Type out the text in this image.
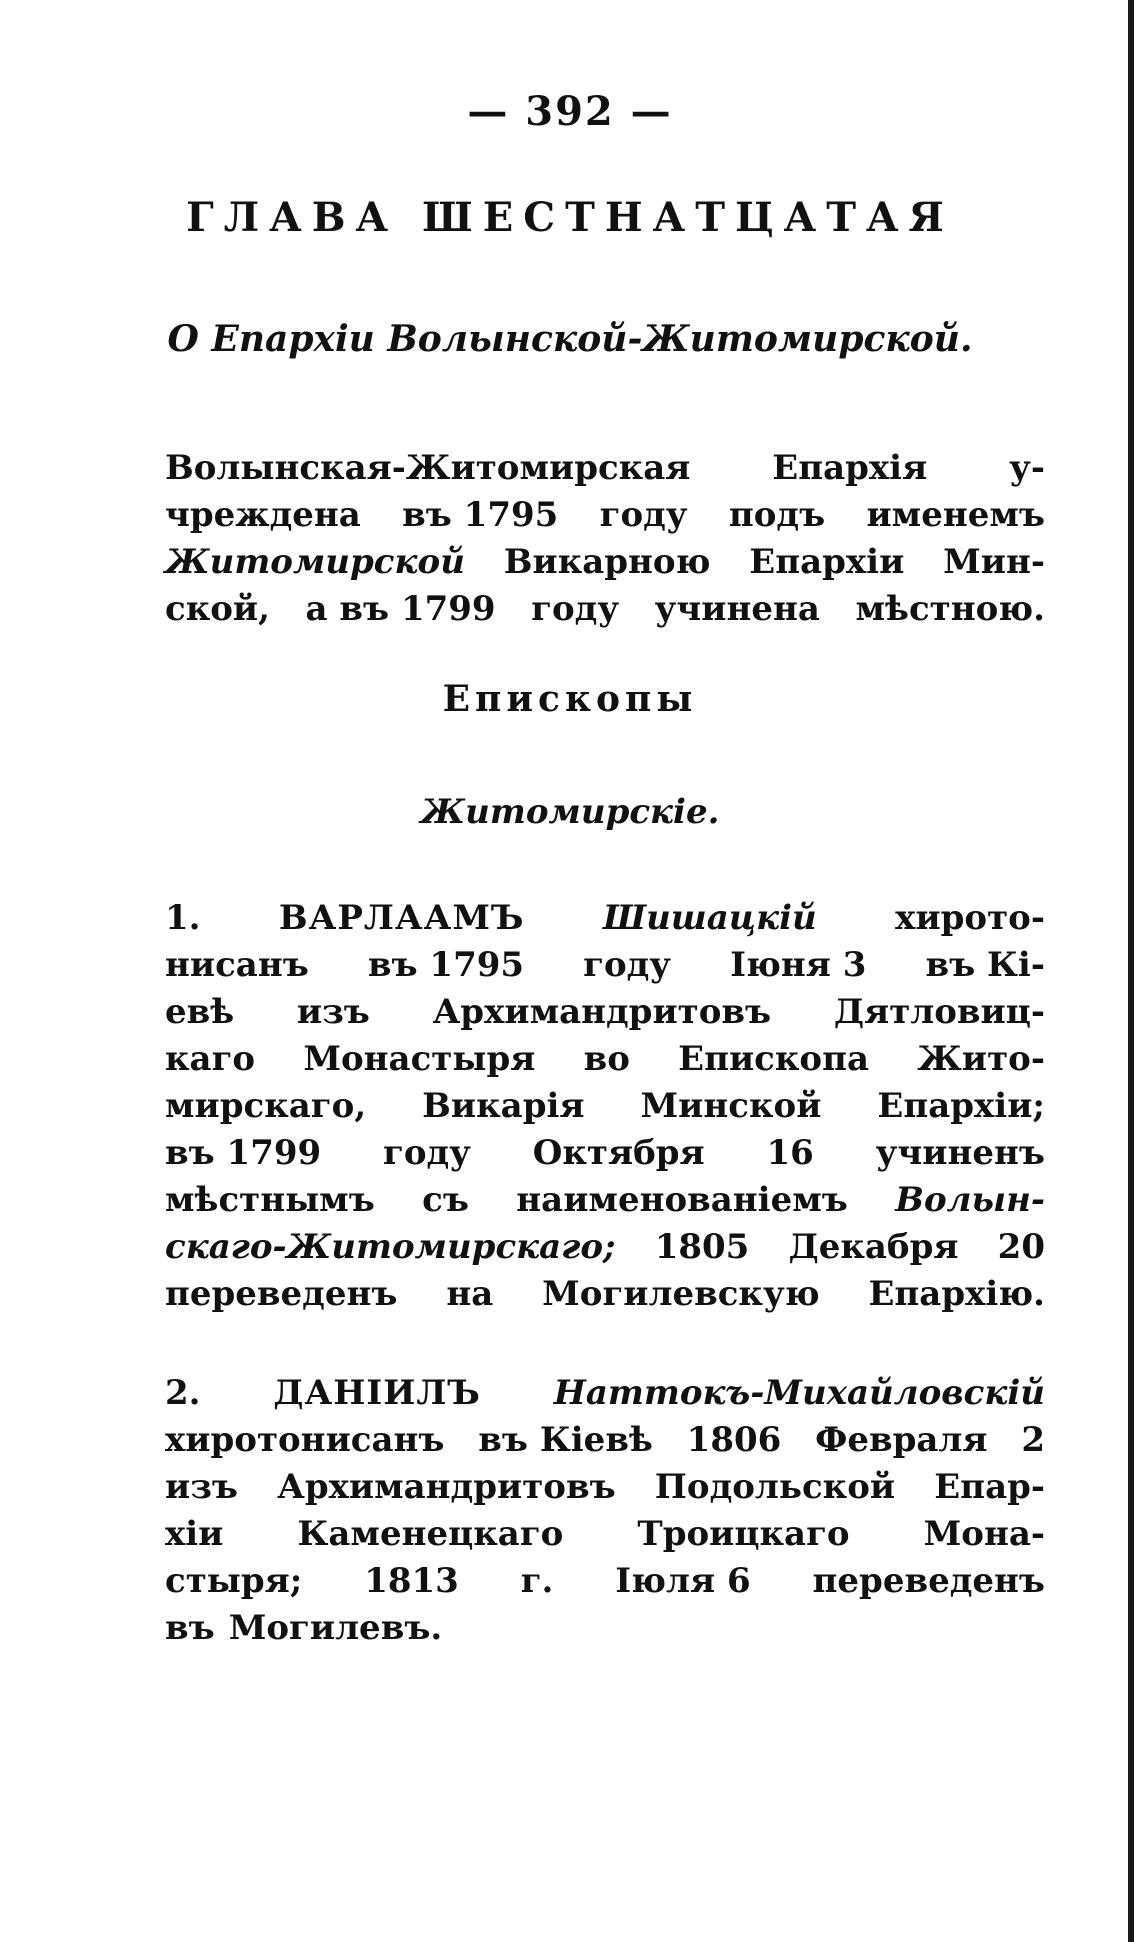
— 392 —
ГЛАВА ШЕСТНАТЦАТАЯ
О Епархіи Волынской-Житомирской.
Волынская-Житомирская Епархія у-
чреждена въ 1795 году подъ именемъ
Житомирской Викарною Епархіи Мин-
ской , а въ 1799 году учинена мѣстною.
Епископы
Житомирскіе.
1. ВАРЛААМЪ Шишацкій хирото-
нисанъ въ 1795 году Іюня 3 въ Кі-
евѣ изъ Архимандритовъ Дятловиц-
каго Монастыря во Епископа Жито-
мирскаго, Викарія Минской Епархіи;
въ 1799 году Октября 16 учиненъ
мѣстнымъ съ наименованіемъ Волын-
скаго-Житомирскаго; 1805 Декабря 20
переведенъ на Могилевскую Епархію.
2. ДАНІИЛЪ Наттокъ-Михайловскій
хиротонисанъ въ Кіевѣ 1806 Февраля 2
изъ Архимандритовъ Подольской Епар-
хіи Каменецкаго Троицкаго Мона-
стыря; 1813 г. Іюля 6 переведенъ
въ Могилевъ.
